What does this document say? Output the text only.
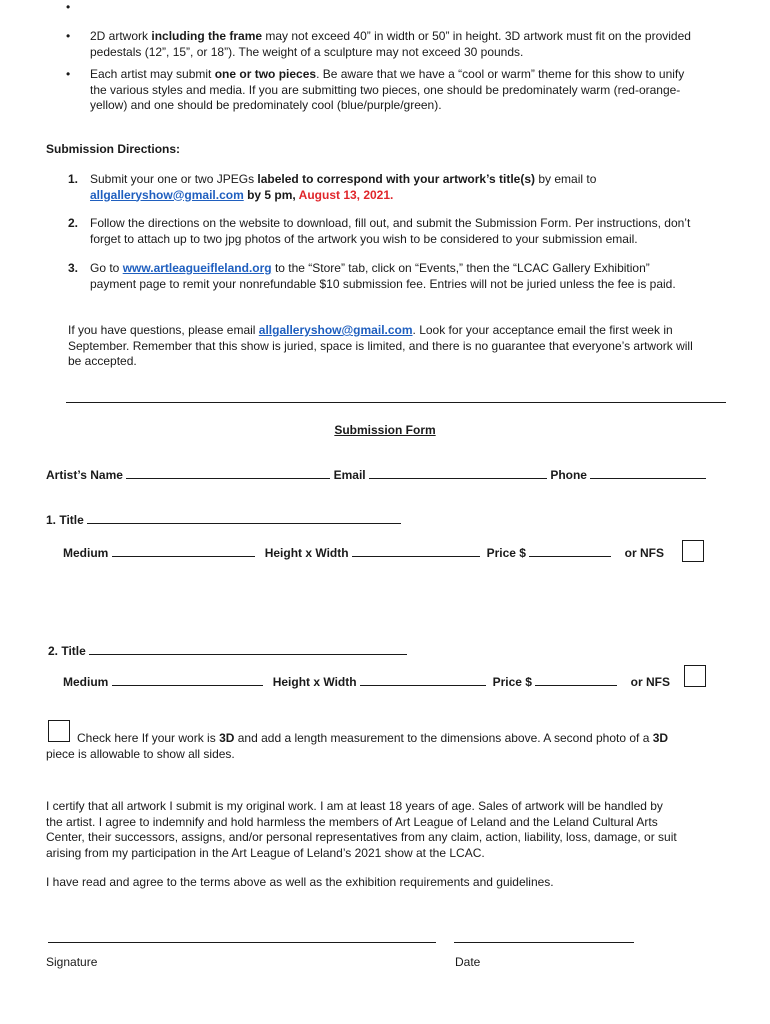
•
2D artwork including the frame may not exceed 40” in width or 50” in height. 3D artwork must fit on the provided
pedestals (12”, 15”, or 18”). The weight of a sculpture may not exceed 30 pounds.
•
•
Each artist may submit one or two pieces. Be aware that we have a “cool or warm” theme for this show to unify
the various styles and media. If you are submitting two pieces, one should be predominately warm (red-orange-
yellow) and one should be predominately cool (blue/purple/green).
Submission Directions:
1. Submit your one or two JPEGs labeled to correspond with your artwork’s title(s) by email to
allgalleryshow@gmail.com by 5 pm, August 13, 2021.
2. Follow the directions on the website to download, fill out, and submit the Submission Form. Per instructions, don’t
forget to attach up to two jpg photos of the artwork you wish to be considered to your submission email.
3. Go to www.artleagueifleland.org to the “Store” tab, click on “Events,” then the “LCAC Gallery Exhibition”
payment page to remit your nonrefundable $10 submission fee. Entries will not be juried unless the fee is paid.
If you have questions, please email allgalleryshow@gmail.com. Look for your acceptance email the first week in
September. Remember that this show is juried, space is limited, and there is no guarantee that everyone’s artwork will
be accepted.
Submission Form
Artist’s Name	Email	Phone
1. Title
Medium	Height x Width	Price $	or NFS
2. Title
Medium	Height x Width	Price $	or NFS
Check here If your work is 3D and add a length measurement to the dimensions above. A second photo of a 3D
piece is allowable to show all sides.
I certify that all artwork I submit is my original work. I am at least 18 years of age. Sales of artwork will be handled by
the artist. I agree to indemnify and hold harmless the members of Art League of Leland and the Leland Cultural Arts
Center, their successors, assigns, and/or personal representatives from any claim, action, liability, loss, damage, or suit
arising from my participation in the Art League of Leland’s 2021 show at the LCAC.
I have read and agree to the terms above as well as the exhibition requirements and guidelines.
Signature	Date
